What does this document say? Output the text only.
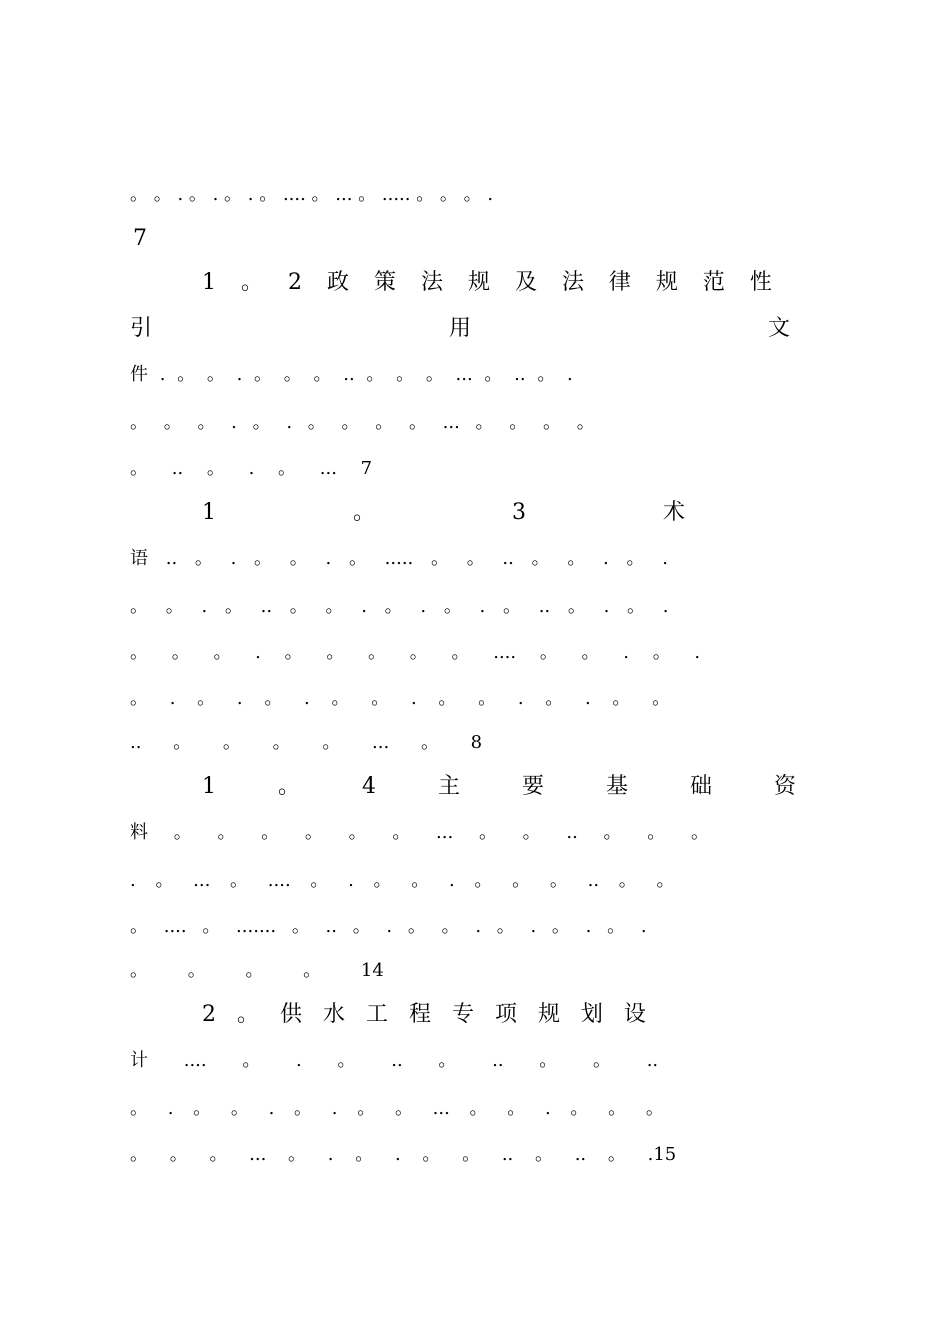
。 。 . 。 . 。 . 。 .... 。 ... 。 ..... 。 。 。 .
7
1 。 2 政 策 法 规 及 法 律 规 范 性
引 用 文
件 . 。 。 . 。 。 。 .. 。 。 。 ... 。 .. 。 .
。 。 。 . 。 . 。 。 。 。 ... 。 。 。 。
。 .. 。 . 。 ... 7
1 。 3 术
语 .. 。 . 。 。 . 。 ..... 。 。 .. 。 。 . 。 .
。 。 . 。 .. 。 。 . 。 . 。 . 。 .. 。 . 。 .
。 。 。 . 。 。 。 。 。 .... 。 。 . 。 .
。 . 。 . 。 . 。 。 . 。 。 . 。 . 。 。
.. 。 。 。 。 ... 。 8
1 。 4 主 要 基 础 资
料 。 。 。 。 。 。 ... 。 。 .. 。 。 。
. 。 ... 。 .... 。 . 。 。 . 。 。 。 .. 。 。
。 .... 。 ....... 。 .. 。 . 。 。 . 。 . 。 . 。 .
。 。 。 。 14
2 。 供 水 工 程 专 项 规 划 设
计 .... 。 . 。 .. 。 .. 。 。 ..
。 . 。 。 . 。 . 。 。 ... 。 。 . 。 。 。
。 。 。 ... 。 . 。 . 。 。 .. 。 .. 。 .15
